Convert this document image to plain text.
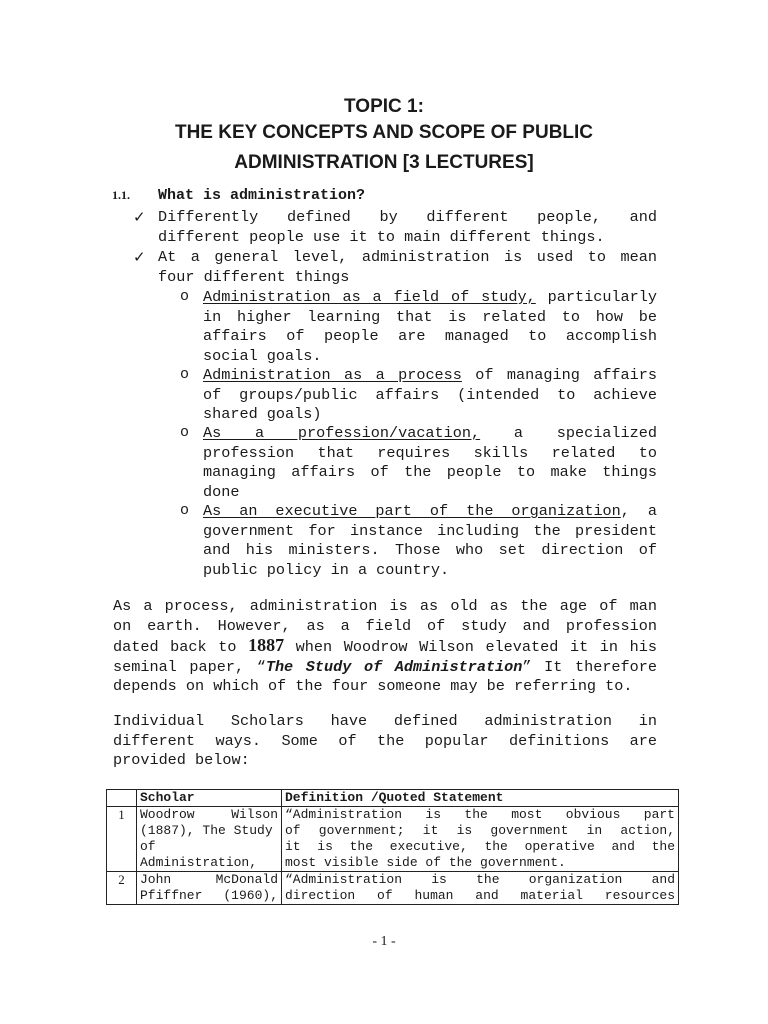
TOPIC 1:
THE KEY CONCEPTS AND SCOPE OF PUBLIC
ADMINISTRATION [3 LECTURES]
1.1. What is administration?
✓ Differently defined by different people, and
different people use it to main different things.
✓ At a general level, administration is used to mean
four different things
o Administration as a field of study, particularly
in higher learning that is related to how be
affairs of people are managed to accomplish
social goals.
o Administration as a process of managing affairs
of groups/public affairs (intended to achieve
shared goals)
o As a profession/vacation, a specialized
profession that requires skills related to
managing affairs of the people to make things
done
o As an executive part of the organization, a
government for instance including the president
and his ministers. Those who set direction of
public policy in a country.
As a process, administration is as old as the age of man
on earth. However, as a field of study and profession
dated back to 1887 when Woodrow Wilson elevated it in his
seminal paper, “The Study of Administration” It therefore
depends on which of the four someone may be referring to.
Individual Scholars have defined administration in
different ways. Some of the popular definitions are
provided below:
	Scholar	Definition /Quoted Statement
1	Woodrow Wilson
(1887), The Study
of
Administration,	“Administration is the most obvious part
of government; it is government in action,
it is the executive, the operative and the
most visible side of the government.

2	John McDonald
Pfiffner (1960),	“Administration is the organization and
direction of human and material resources
- 1 -
